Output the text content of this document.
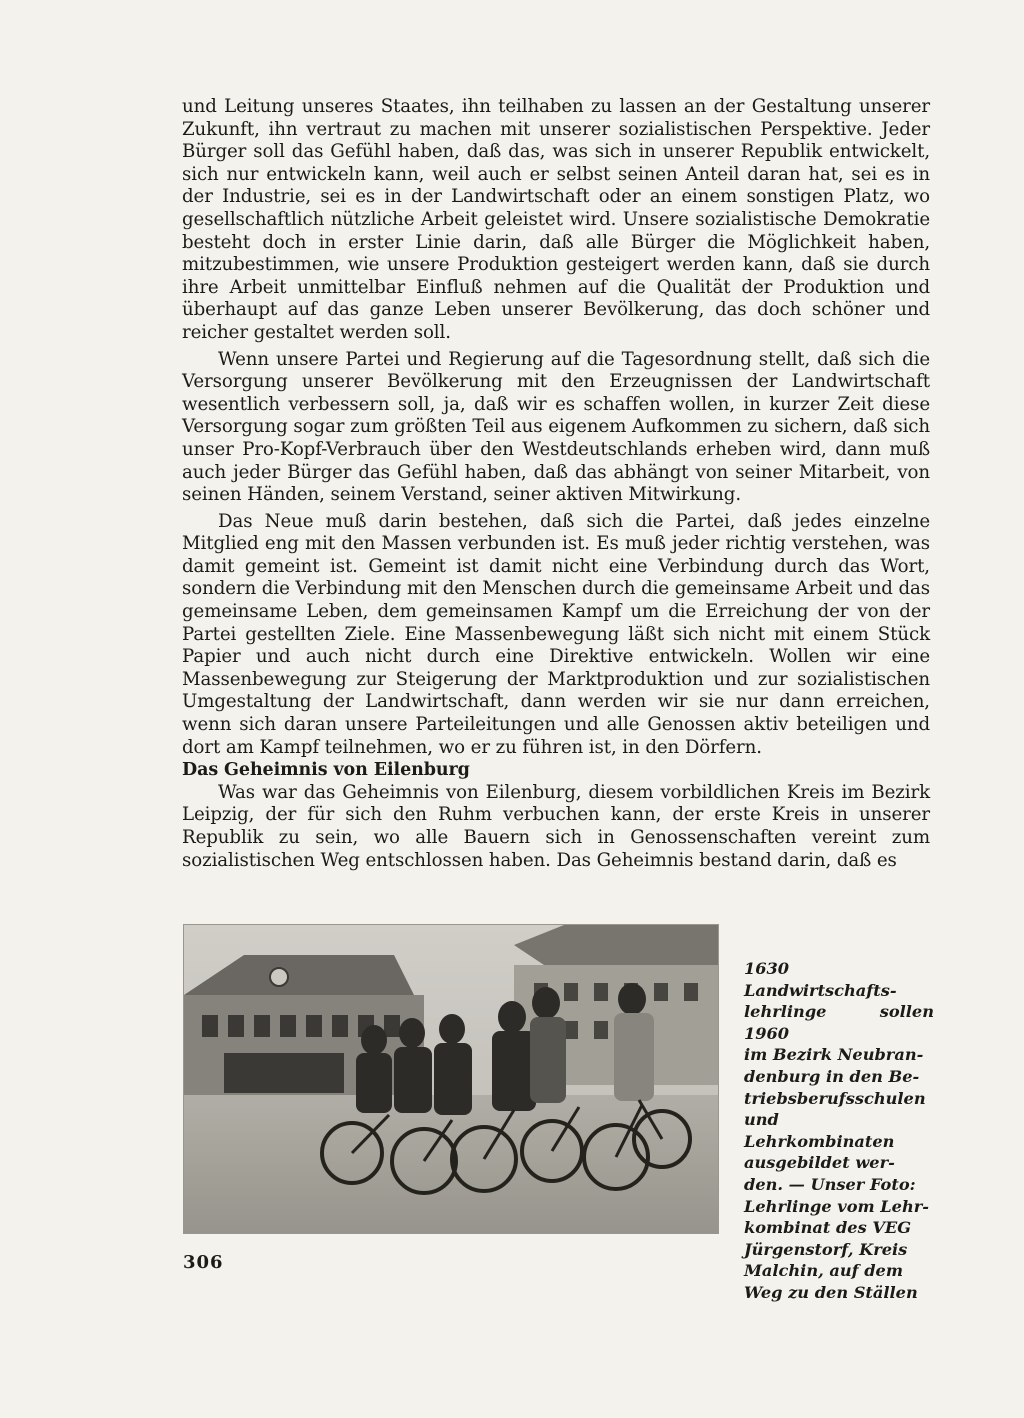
und Leitung unseres Staates, ihn teilhaben zu lassen an der Gestaltung unserer Zukunft, ihn vertraut zu machen mit unserer sozialistischen Perspektive. Jeder Bürger soll das Gefühl haben, daß das, was sich in unserer Republik entwickelt, sich nur entwickeln kann, weil auch er selbst seinen Anteil daran hat, sei es in der Industrie, sei es in der Landwirtschaft oder an einem sonstigen Platz, wo gesellschaftlich nützliche Arbeit geleistet wird. Unsere sozialistische Demokratie besteht doch in erster Linie darin, daß alle Bürger die Möglichkeit haben, mitzubestimmen, wie unsere Produktion gesteigert werden kann, daß sie durch ihre Arbeit unmittelbar Einfluß nehmen auf die Qualität der Produktion und überhaupt auf das ganze Leben unserer Bevölkerung, das doch schöner und reicher gestaltet werden soll.

Wenn unsere Partei und Regierung auf die Tagesordnung stellt, daß sich die Versorgung unserer Bevölkerung mit den Erzeugnissen der Landwirtschaft wesentlich verbessern soll, ja, daß wir es schaffen wollen, in kurzer Zeit diese Versorgung sogar zum größten Teil aus eigenem Aufkommen zu sichern, daß sich unser Pro-Kopf-Verbrauch über den Westdeutschlands erheben wird, dann muß auch jeder Bürger das Gefühl haben, daß das abhängt von seiner Mitarbeit, von seinen Händen, seinem Verstand, seiner aktiven Mitwirkung.

Das Neue muß darin bestehen, daß sich die Partei, daß jedes einzelne Mitglied eng mit den Massen verbunden ist. Es muß jeder richtig verstehen, was damit gemeint ist. Gemeint ist damit nicht eine Verbindung durch das Wort, sondern die Verbindung mit den Menschen durch die gemeinsame Arbeit und das gemeinsame Leben, dem gemeinsamen Kampf um die Erreichung der von der Partei gestellten Ziele. Eine Massenbewegung läßt sich nicht mit einem Stück Papier und auch nicht durch eine Direktive entwickeln. Wollen wir eine Massenbewegung zur Steigerung der Marktproduktion und zur sozialistischen Umgestaltung der Landwirtschaft, dann werden wir sie nur dann erreichen, wenn sich daran unsere Parteileitungen und alle Genossen aktiv beteiligen und dort am Kampf teilnehmen, wo er zu führen ist, in den Dörfern.

Das Geheimnis von Eilenburg

Was war das Geheimnis von Eilenburg, diesem vorbildlichen Kreis im Bezirk Leipzig, der für sich den Ruhm verbuchen kann, der erste Kreis in unserer Republik zu sein, wo alle Bauern sich in Genossenschaften vereint zum sozialistischen Weg entschlossen haben. Das Geheimnis bestand darin, daß es

1630 Landwirtschafts-
lehrlinge sollen 1960
im Bezirk Neubran-
denburg in den Be-
triebsberufsschulen
und Lehrkombinaten
ausgebildet wer-
den. — Unser Foto:
Lehrlinge vom Lehr-
kombinat des VEG
Jürgenstorf, Kreis
Malchin, auf dem
Weg zu den Ställen
306
